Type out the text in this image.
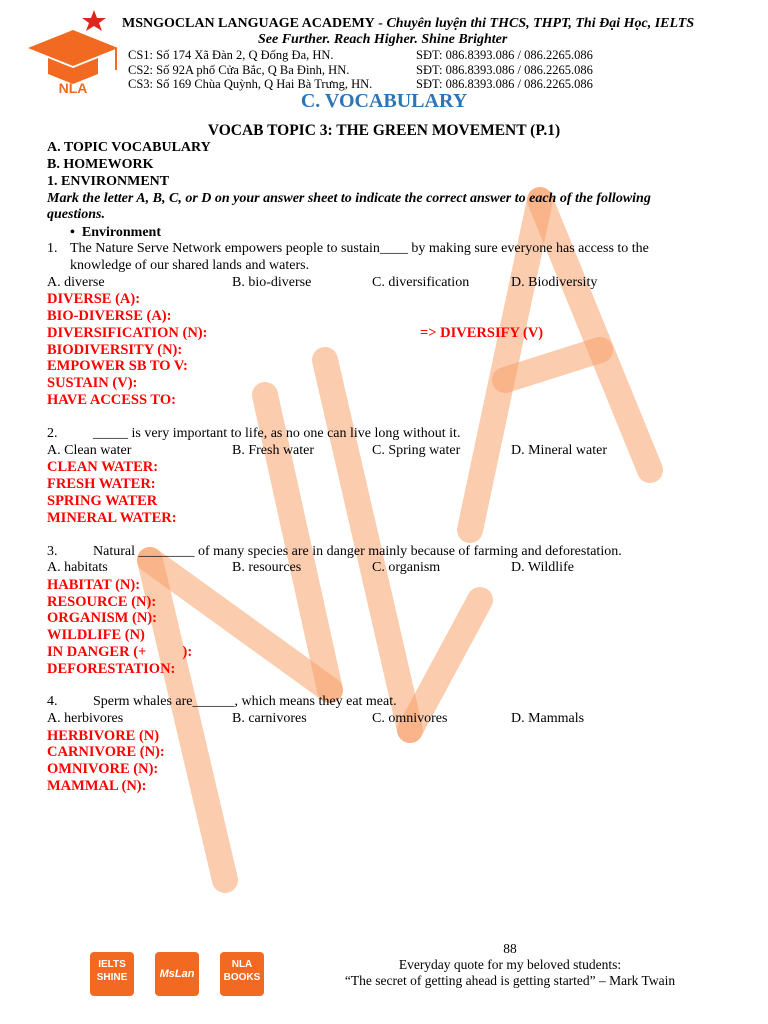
NLA
MSNGOCLAN LANGUAGE ACADEMY - Chuyên luyện thi THCS, THPT, Thi Đại Học, IELTS
See Further. Reach Higher. Shine Brighter
CS1: Số 174 Xã Đàn 2, Q Đống Đa, HN.	SĐT: 086.8393.086 / 086.2265.086
CS2: Số 92A phố Cửa Bắc, Q Ba Đình, HN.	SĐT: 086.8393.086 / 086.2265.086
CS3: Số 169 Chùa Quỳnh, Q Hai Bà Trưng, HN.	SĐT: 086.8393.086 / 086.2265.086
C. VOCABULARY
VOCAB TOPIC 3: THE GREEN MOVEMENT (P.1)
A. TOPIC VOCABULARY
B. HOMEWORK
1. ENVIRONMENT
Mark the letter A, B, C, or D on your answer sheet to indicate the correct answer to each of the following
questions.
•  Environment
1. The Nature Serve Network empowers people to sustain____ by making sure everyone has access to the
knowledge of our shared lands and waters.
A. diverse	B. bio-diverse	C. diversification	D. Biodiversity
DIVERSE (A):
BIO-DIVERSE (A):
DIVERSIFICATION (N):	=> DIVERSIFY (V)
BIODIVERSITY (N):
EMPOWER SB TO V:
SUSTAIN (V):
HAVE ACCESS TO:
2.	_____ is very important to life, as no one can live long without it.
A. Clean water	B. Fresh water	C. Spring water	D. Mineral water
CLEAN WATER:
FRESH WATER:
SPRING WATER
MINERAL WATER:
3.	Natural ________ of many species are in danger mainly because of farming and deforestation.
A. habitats	B. resources	C. organism	D. Wildlife
HABITAT (N):
RESOURCE (N):
ORGANISM (N):
WILDLIFE (N)
IN DANGER (+          ):
DEFORESTATION:
4.	Sperm whales are______, which means they eat meat.
A. herbivores	B. carnivores	C. omnivores	D. Mammals
HERBIVORE (N)
CARNIVORE (N):
OMNIVORE (N):
MAMMAL (N):
88
Everyday quote for my beloved students:
“The secret of getting ahead is getting started” – Mark Twain
IELTS SHINE	MsLan
NLA BOOKS
